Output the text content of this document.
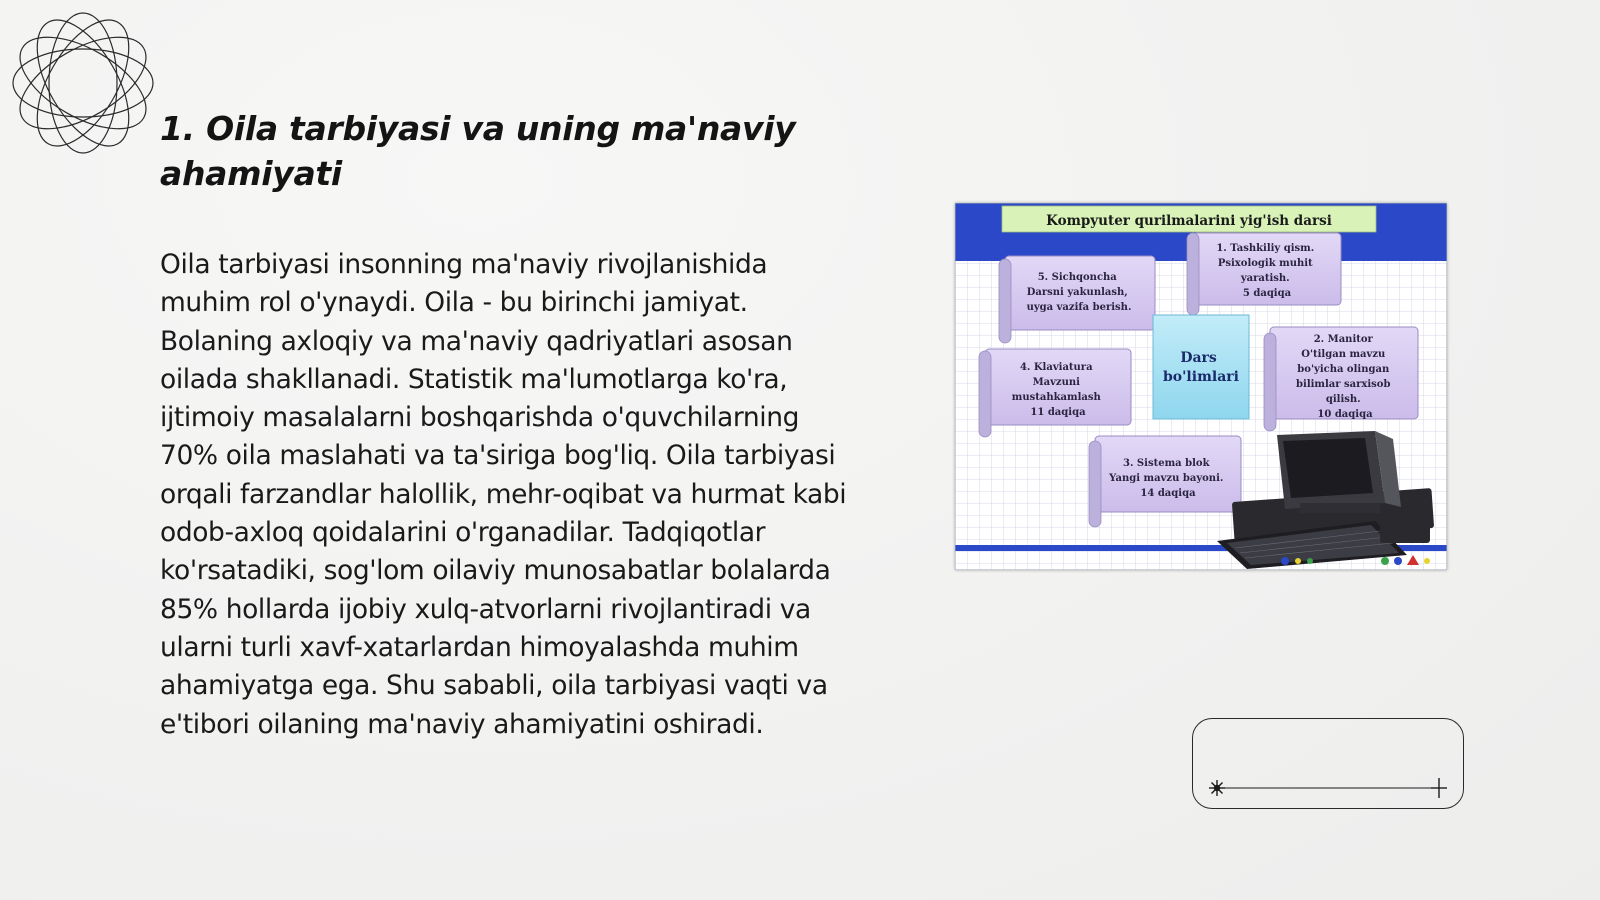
1. Oila tarbiyasi va uning ma'naviy ahamiyati

Oila tarbiyasi insonning ma'naviy rivojlanishida muhim rol o'ynaydi. Oila - bu birinchi jamiyat. Bolaning axloqiy va ma'naviy qadriyatlari asosan oilada shakllanadi. Statistik ma'lumotlarga ko'ra, ijtimoiy masalalarni boshqarishda o'quvchilarning 70% oila maslahati va ta'siriga bog'liq. Oila tarbiyasi orqali farzandlar halollik, mehr-oqibat va hurmat kabi odob-axloq qoidalarini o'rganadilar. Tadqiqotlar ko'rsatadiki, sog'lom oilaviy munosabatlar bolalarda 85% hollarda ijobiy xulq-atvorlarni rivojlantiradi va ularni turli xavf-xatarlardan himoyalashda muhim ahamiyatga ega. Shu sababli, oila tarbiyasi vaqti va e'tibori oilaning ma'naviy ahamiyatini oshiradi.

Kompyuter qurilmalarini yig'ish darsi
5. Sichqoncha Darsni yakunlash, uyga vazifa berish.
1. Tashkiliy qism. Psixologik muhit yaratish. 5 daqiqa
Dars bo'limlari
4. Klaviatura Mavzuni mustahkamlash 11 daqiqa
2. Manitor O'tilgan mavzu bo'yicha olingan bilimlar sarxisob qilish. 10 daqiqa
3. Sistema blok Yangi mavzu bayoni. 14 daqiqa
